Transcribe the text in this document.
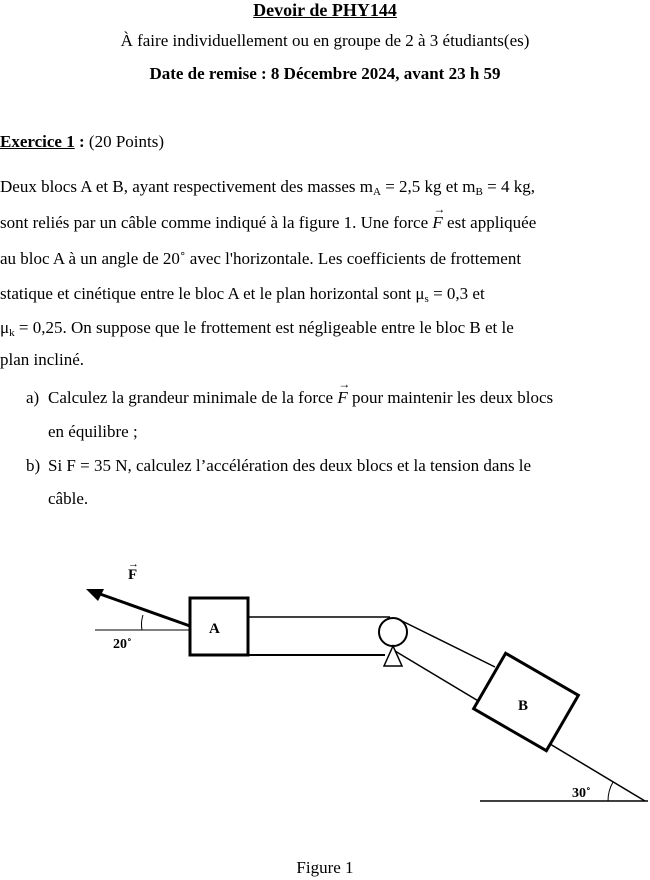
Devoir de PHY144
À faire individuellement ou en groupe de 2 à 3 étudiants(es)
Date de remise : 8 Décembre 2024, avant 23 h 59
Exercice 1 : (20 Points)
Deux blocs A et B, ayant respectivement des masses $m_A = 2,5$ kg et $m_B = 4$ kg,
sont reliés par un câble comme indiqué à la figure 1. Une force → F est appliquée
au bloc A à un angle de 20˚ avec l'horizontale. Les coefficients de frottement
statique et cinétique entre le bloc A et le plan horizontal sont $\mu_s = 0,3$ et
$\mu_k = 0,25$. On suppose que le frottement est négligeable entre le bloc B et le
plan incliné.
a) Calculez la grandeur minimale de la force → F pour maintenir les deux blocs
en équilibre ;
b) Si F = 35 N, calculez l’accélération des deux blocs et la tension dans le
câble.
F
→
20˚
A
B
30˚
Figure 1
